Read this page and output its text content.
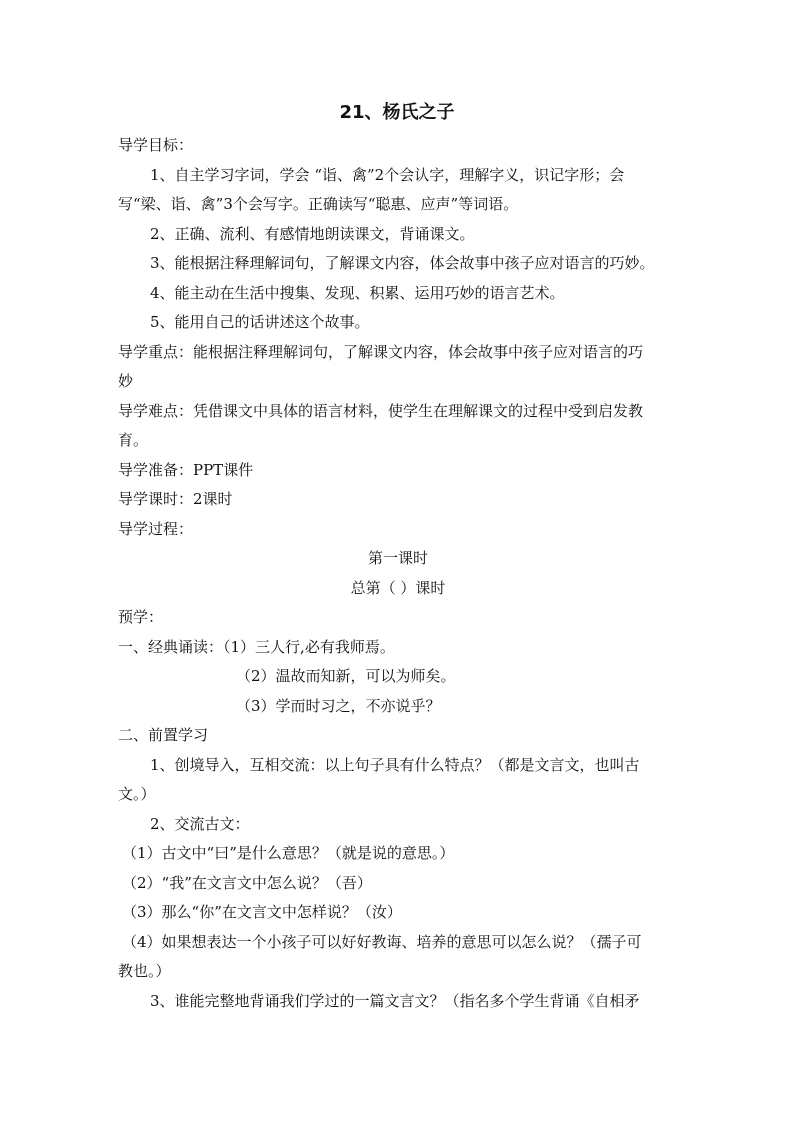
21、杨氏之子

导学目标：

1、自主学习字词，学会 “诣、禽”2个会认字，理解字义，识记字形；会

写“梁、诣、禽”3个会写字。正确读写“聪惠、应声”等词语。

2、正确、流利、有感情地朗读课文，背诵课文。

3、能根据注释理解词句，了解课文内容，体会故事中孩子应对语言的巧妙。

4、能主动在生活中搜集、发现、积累、运用巧妙的语言艺术。

5、能用自己的话讲述这个故事。

导学重点：能根据注释理解词句，了解课文内容，体会故事中孩子应对语言的巧

妙

导学难点：凭借课文中具体的语言材料，使学生在理解课文的过程中受到启发教

育。

导学准备：PPT课件

导学课时：2课时

导学过程：

第一课时

总第（ ）课时

预学：

一、经典诵读：（1）三人行,必有我师焉。

（2）温故而知新，可以为师矣。

（3）学而时习之，不亦说乎？

二、前置学习

1、创境导入，互相交流：以上句子具有什么特点？（都是文言文，也叫古

文。）

2、交流古文：

（1）古文中“曰”是什么意思？（就是说的意思。）

（2）“我”在文言文中怎么说？（吾）

（3）那么“你”在文言文中怎样说？（汝）

（4）如果想表达一个小孩子可以好好教诲、培养的意思可以怎么说？（孺子可

教也。）

3、谁能完整地背诵我们学过的一篇文言文？（指名多个学生背诵《自相矛
